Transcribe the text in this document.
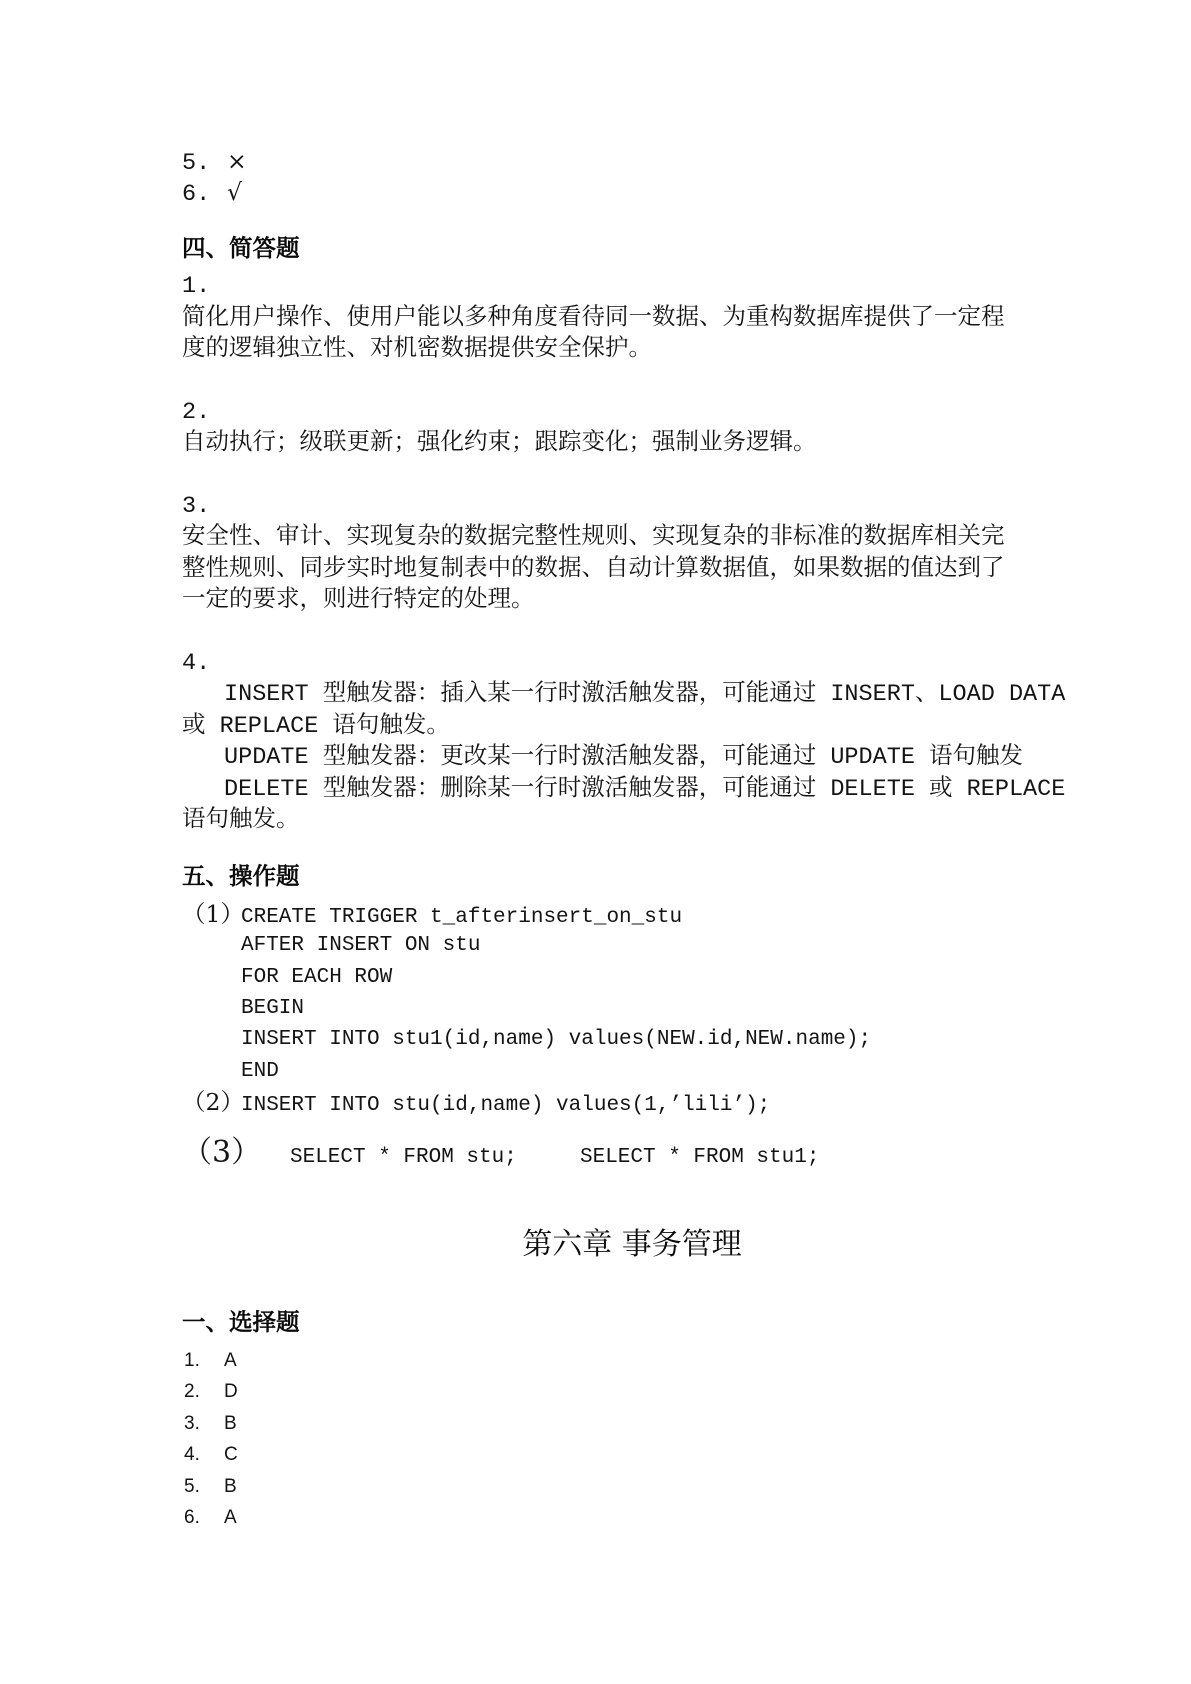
5. ×
6. √
四、简答题
1.
简化用户操作、使用户能以多种角度看待同一数据、为重构数据库提供了一定程
度的逻辑独立性、对机密数据提供安全保护。
2.
自动执行；级联更新；强化约束；跟踪变化；强制业务逻辑。
3.
安全性、审计、实现复杂的数据完整性规则、实现复杂的非标准的数据库相关完
整性规则、同步实时地复制表中的数据、自动计算数据值，如果数据的值达到了
一定的要求，则进行特定的处理。
4.
INSERT 型触发器：插入某一行时激活触发器，可能通过 INSERT、LOAD DATA
或 REPLACE 语句触发。
UPDATE 型触发器：更改某一行时激活触发器，可能通过 UPDATE 语句触发
DELETE 型触发器：删除某一行时激活触发器，可能通过 DELETE 或 REPLACE
语句触发。
五、操作题
（1）CREATE TRIGGER t_afterinsert_on_stu
AFTER INSERT ON stu
FOR EACH ROW
BEGIN
INSERT INTO stu1(id,name) values(NEW.id,NEW.name);
END
（2）INSERT INTO stu(id,name) values(1,’lili’);
（3） SELECT * FROM stu;	SELECT * FROM stu1;
第六章 事务管理
一、选择题
1. A
2. D
3. B
4. C
5. B
6. A
